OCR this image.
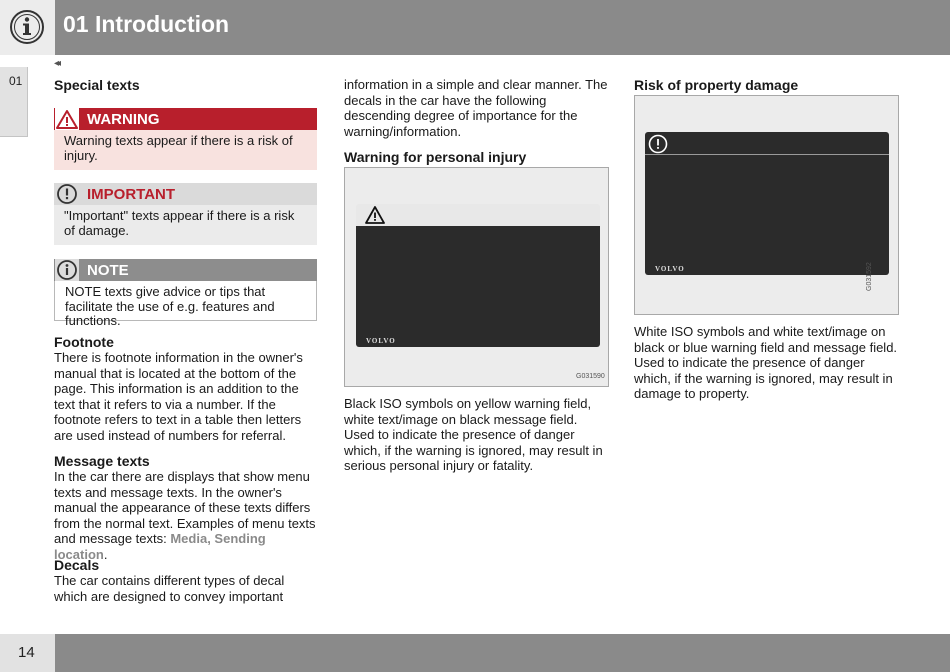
01 Introduction
01
◂◂
Special texts
WARNING
Warning texts appear if there is a risk of injury.
IMPORTANT
"Important" texts appear if there is a risk of damage.
NOTE
NOTE texts give advice or tips that facilitate the use of e.g. features and functions.
Footnote
There is footnote information in the owner's manual that is located at the bottom of the page. This information is an addition to the text that it refers to via a number. If the footnote refers to text in a table then letters are used instead of numbers for referral.
Message texts
In the car there are displays that show menu texts and message texts. In the owner's manual the appearance of these texts differs from the normal text. Examples of menu texts and message texts: Media, Sending location.
Decals
The car contains different types of decal which are designed to convey important
information in a simple and clear manner. The decals in the car have the following descending degree of importance for the warning/information.
Warning for personal injury
VOLVO
G031590
Black ISO symbols on yellow warning field, white text/image on black message field. Used to indicate the presence of danger which, if the warning is ignored, may result in serious personal injury or fatality.
Risk of property damage
VOLVO	G031592
White ISO symbols and white text/image on black or blue warning field and message field. Used to indicate the presence of danger which, if the warning is ignored, may result in damage to property.
14
